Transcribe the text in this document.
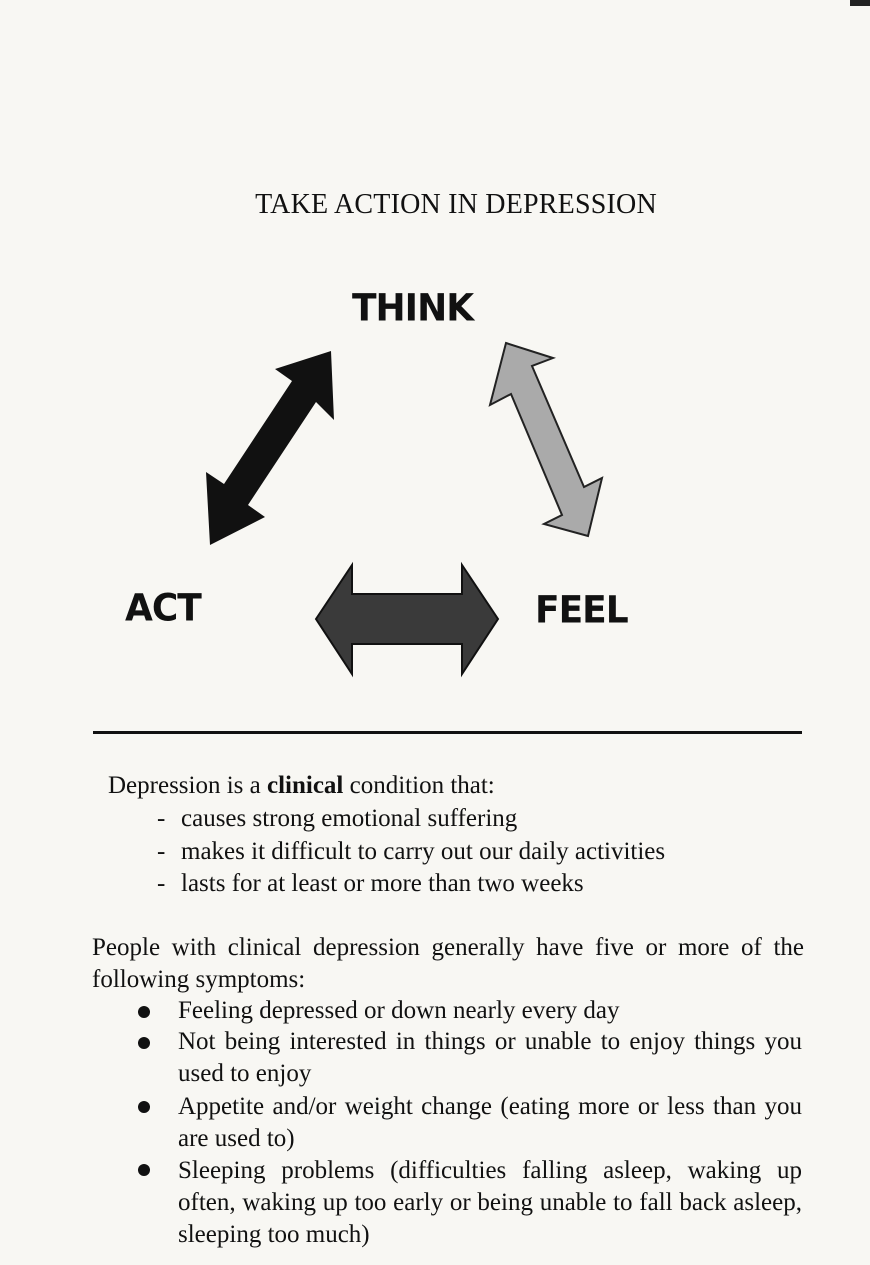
TAKE ACTION IN DEPRESSION
THINK
ACT	FEEL
Depression is a clinical condition that:
- causes strong emotional suffering
- makes it difficult to carry out our daily activities
- lasts for at least or more than two weeks
People with clinical depression generally have five or more of the following symptoms:
Feeling depressed or down nearly every day
Not being interested in things or unable to enjoy things you used to enjoy
Appetite and/or weight change (eating more or less than you are used to)
Sleeping problems (difficulties falling asleep, waking up often, waking up too early or being unable to fall back asleep, sleeping too much)
